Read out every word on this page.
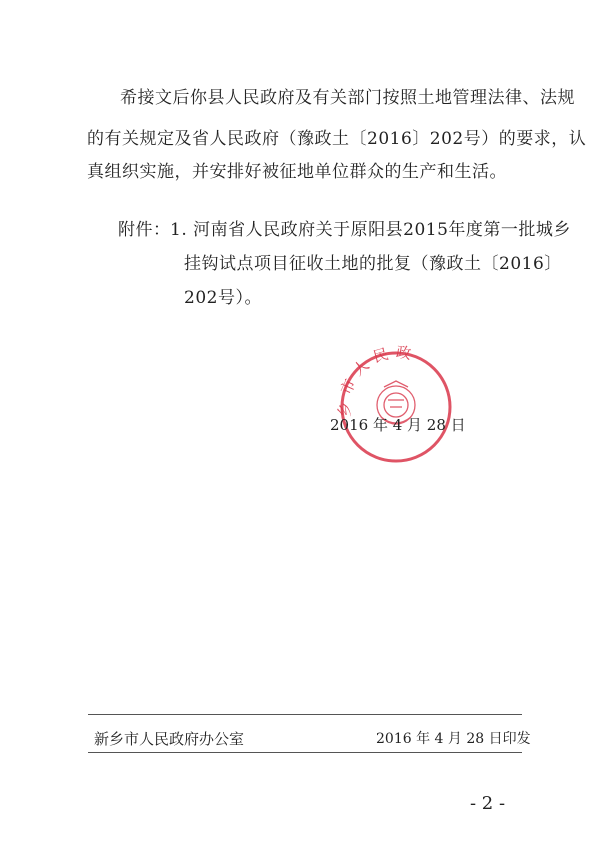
希接文后你县人民政府及有关部门按照土地管理法律、法规
的有关规定及省人民政府（豫政土〔2016〕202号）的要求，认
真组织实施，并安排好被征地单位群众的生产和生活。
附件： 1. 河南省人民政府关于原阳县2015年度第一批城乡
挂钩试点项目征收土地的批复（豫政土〔2016〕
202号）。
乡市人民政
2016 年 4 月 28 日
新乡市人民政府办公室	2016 年 4 月 28 日印发
- 2 -
